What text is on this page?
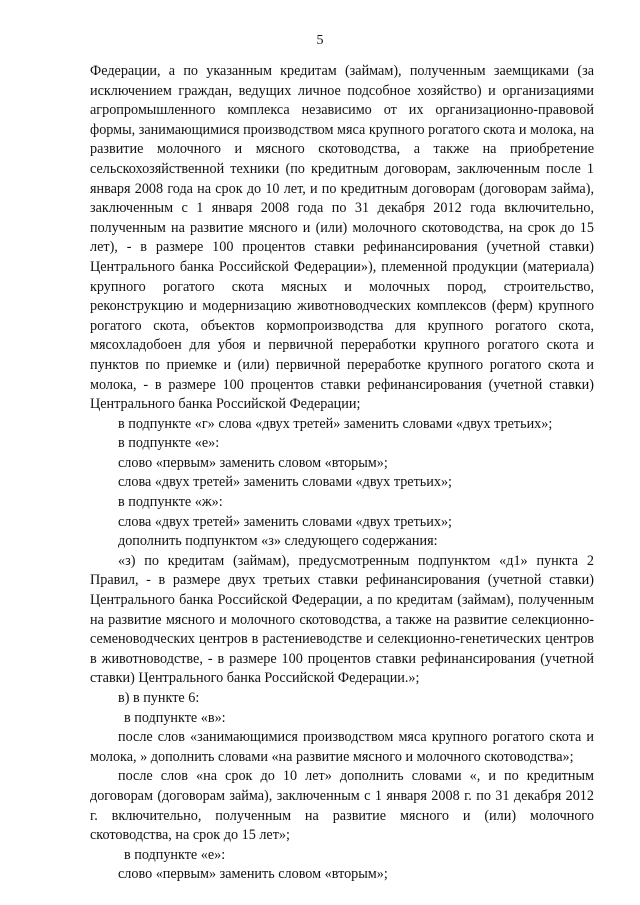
5

Федерации, а по указанным кредитам (займам), полученным заемщиками (за исключением граждан, ведущих личное подсобное хозяйство) и организациями агропромышленного комплекса независимо от их организационно-правовой формы, занимающимися производством мяса крупного рогатого скота и молока, на развитие молочного и мясного скотоводства, а также на приобретение сельскохозяйственной техники (по кредитным договорам, заключенным после 1 января 2008 года на срок до 10 лет, и по кредитным договорам (договорам займа), заключенным с 1 января 2008 года по 31 декабря 2012 года включительно, полученным на развитие мясного и (или) молочного скотоводства, на срок до 15 лет), - в размере 100 процентов ставки рефинансирования (учетной ставки) Центрального банка Российской Федерации»), племенной продукции (материала) крупного рогатого скота мясных и молочных пород, строительство, реконструкцию и модернизацию животноводческих комплексов (ферм) крупного рогатого скота, объектов кормопроизводства для крупного рогатого скота, мясохладобоен для убоя и первичной переработки крупного рогатого скота и пунктов по приемке и (или) первичной переработке крупного рогатого скота и молока, - в размере 100 процентов ставки рефинансирования (учетной ставки) Центрального банка Российской Федерации;

в подпункте «г» слова «двух третей» заменить словами «двух третьих»;

в подпункте «е»:

слово «первым» заменить словом «вторым»;

слова «двух третей» заменить словами «двух третьих»;

в подпункте «ж»:

слова «двух третей» заменить словами «двух третьих»;

дополнить подпунктом «з» следующего содержания:

«з) по кредитам (займам), предусмотренным подпунктом «д1» пункта 2 Правил, - в размере двух третьих ставки рефинансирования (учетной ставки) Центрального банка Российской Федерации, а по кредитам (займам), полученным на развитие мясного и молочного скотоводства, а также на развитие селекционно-семеноводческих центров в растениеводстве и селекционно-генетических центров в животноводстве, - в размере 100 процентов ставки рефинансирования (учетной ставки) Центрального банка Российской Федерации.»;

в) в пункте 6:

в подпункте «в»:

после слов «занимающимися производством мяса крупного рогатого скота и молока, » дополнить словами «на развитие мясного и молочного скотоводства»;

после слов «на срок до 10 лет» дополнить словами «, и по кредитным договорам (договорам займа), заключенным с 1 января 2008 г. по 31 декабря 2012 г. включительно, полученным на развитие мясного и (или) молочного скотоводства, на срок до 15 лет»;

в подпункте «е»:

слово «первым» заменить словом «вторым»;
